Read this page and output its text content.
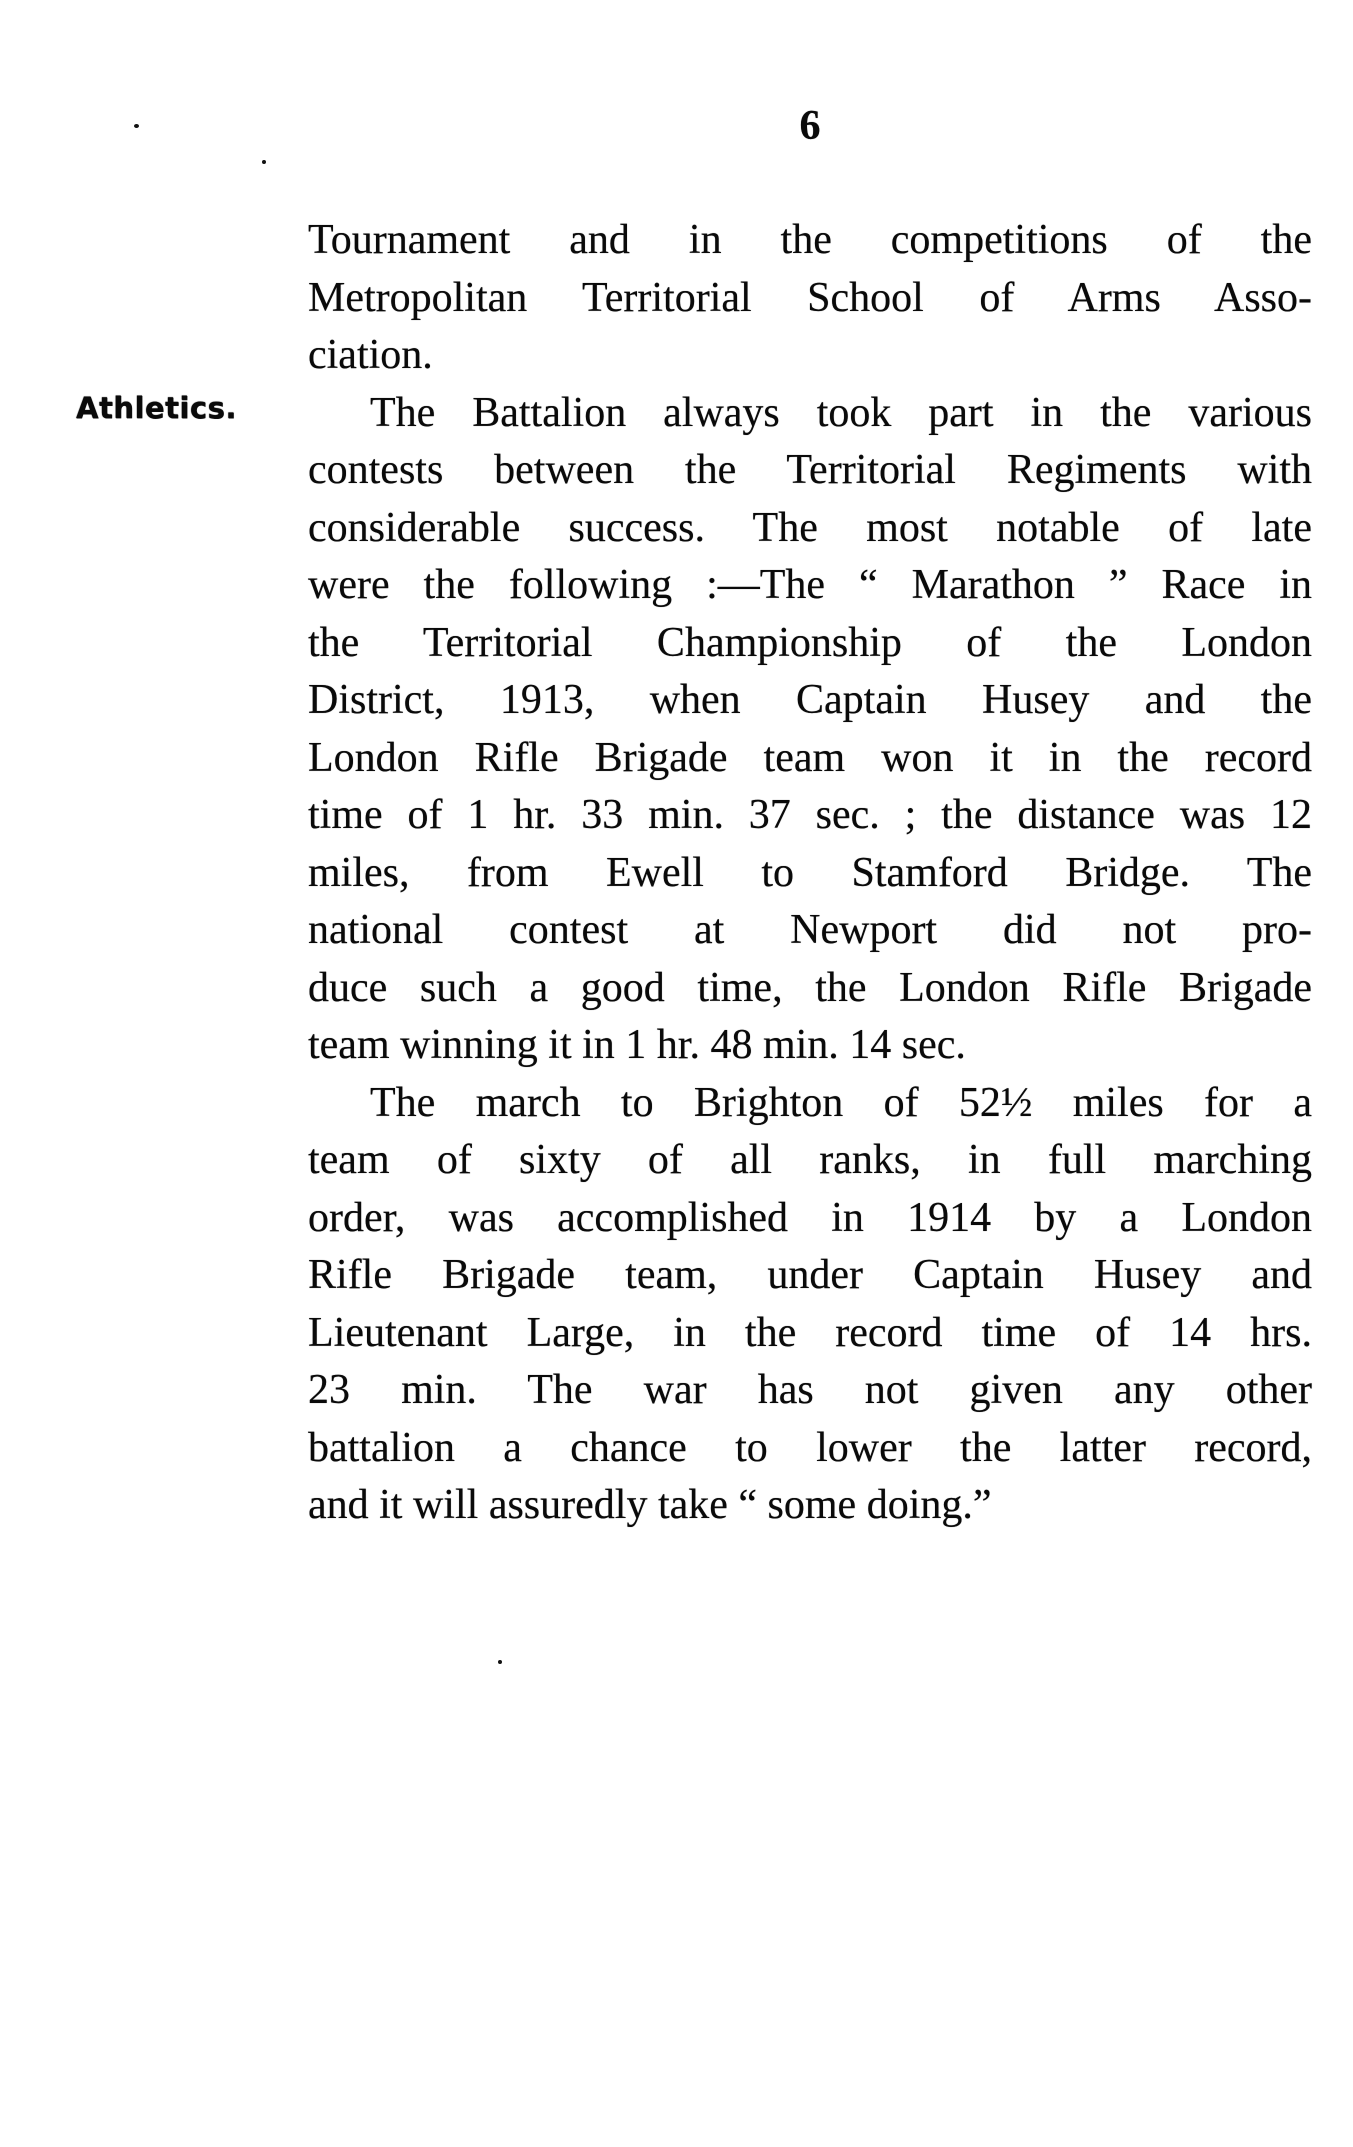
6
Athletics.
Tournament and in the competitions of the
Metropolitan Territorial School of Arms Asso-
ciation.
The Battalion always took part in the various
contests between the Territorial Regiments with
considerable success. The most notable of late
were the following :—The “ Marathon ” Race in
the Territorial Championship of the London
District, 1913, when Captain Husey and the
London Rifle Brigade team won it in the record
time of 1 hr. 33 min. 37 sec. ; the distance was 12
miles, from Ewell to Stamford Bridge. The
national contest at Newport did not pro-
duce such a good time, the London Rifle Brigade
team winning it in 1 hr. 48 min. 14 sec.
The march to Brighton of 52½ miles for a
team of sixty of all ranks, in full marching
order, was accomplished in 1914 by a London
Rifle Brigade team, under Captain Husey and
Lieutenant Large, in the record time of 14 hrs.
23 min. The war has not given any other
battalion a chance to lower the latter record,
and it will assuredly take “ some doing.”
